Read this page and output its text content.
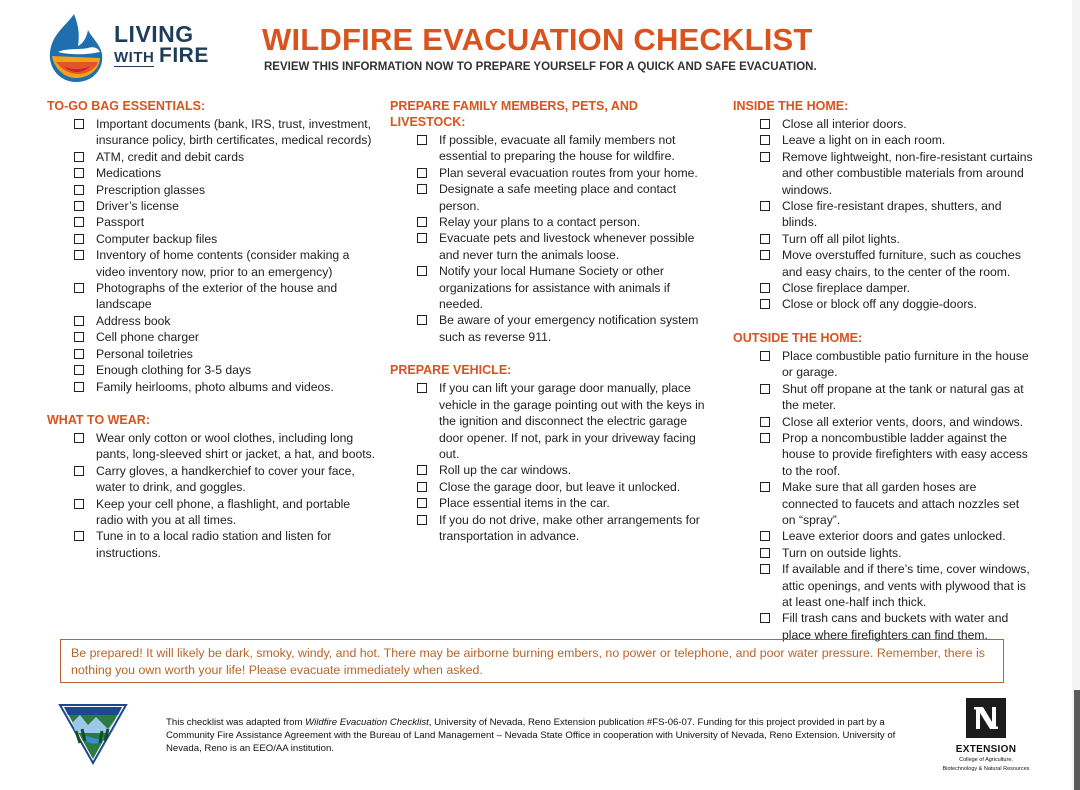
LIVING
WITH FIRE WILDFIRE EVACUATION CHECKLIST
REVIEW THIS INFORMATION NOW TO PREPARE YOURSELF FOR A QUICK AND SAFE EVACUATION.
TO-GO BAG ESSENTIALS:
Important documents (bank, IRS, trust, investment, insurance policy, birth certificates, medical records)
ATM, credit and debit cards
Medications
Prescription glasses
Driver’s license
Passport
Computer backup files
Inventory of home contents (consider making a video inventory now, prior to an emergency)
Photographs of the exterior of the house and landscape
Address book
Cell phone charger
Personal toiletries
Enough clothing for 3-5 days
Family heirlooms, photo albums and videos.
WHAT TO WEAR:
Wear only cotton or wool clothes, including long pants, long-sleeved shirt or jacket, a hat, and boots.
Carry gloves, a handkerchief to cover your face, water to drink, and goggles.
Keep your cell phone, a flashlight, and portable radio with you at all times.
Tune in to a local radio station and listen for instructions.
PREPARE FAMILY MEMBERS, PETS, AND LIVESTOCK:
If possible, evacuate all family members not essential to preparing the house for wildfire.
Plan several evacuation routes from your home.
Designate a safe meeting place and contact person.
Relay your plans to a contact person.
Evacuate pets and livestock whenever possible and never turn the animals loose.
Notify your local Humane Society or other organizations for assistance with animals if needed.
Be aware of your emergency notification system such as reverse 911.
PREPARE VEHICLE:
If you can lift your garage door manually, place vehicle in the garage pointing out with the keys in the ignition and disconnect the electric garage door opener. If not, park in your driveway facing out.
Roll up the car windows.
Close the garage door, but leave it unlocked.
Place essential items in the car.
If you do not drive, make other arrangements for transportation in advance.
INSIDE THE HOME:
Close all interior doors.
Leave a light on in each room.
Remove lightweight, non-fire-resistant curtains and other combustible materials from around windows.
Close fire-resistant drapes, shutters, and blinds.
Turn off all pilot lights.
Move overstuffed furniture, such as couches and easy chairs, to the center of the room.
Close fireplace damper.
Close or block off any doggie-doors.
OUTSIDE THE HOME:
Place combustible patio furniture in the house or garage.
Shut off propane at the tank or natural gas at the meter.
Close all exterior vents, doors, and windows.
Prop a noncombustible ladder against the house to provide firefighters with easy access to the roof.
Make sure that all garden hoses are connected to faucets and attach nozzles set on “spray”.
Leave exterior doors and gates unlocked.
Turn on outside lights.
If available and if there’s time, cover windows, attic openings, and vents with plywood that is at least one-half inch thick.
Fill trash cans and buckets with water and place where firefighters can find them.
Be prepared! It will likely be dark, smoky, windy, and hot. There may be airborne burning embers, no power or telephone, and poor water pressure. Remember, there is nothing you own worth your life! Please evacuate immediately when asked.
This checklist was adapted from Wildfire Evacuation Checklist, University of Nevada, Reno Extension publication #FS-06-07. Funding for this project provided in part by a Community Fire Assistance Agreement with the Bureau of Land Management – Nevada State Office in cooperation with University of Nevada, Reno Extension. University of Nevada, Reno is an EEO/AA institution.	EXTENSION
College of Agriculture,
Biotechnology & Natural Resources
